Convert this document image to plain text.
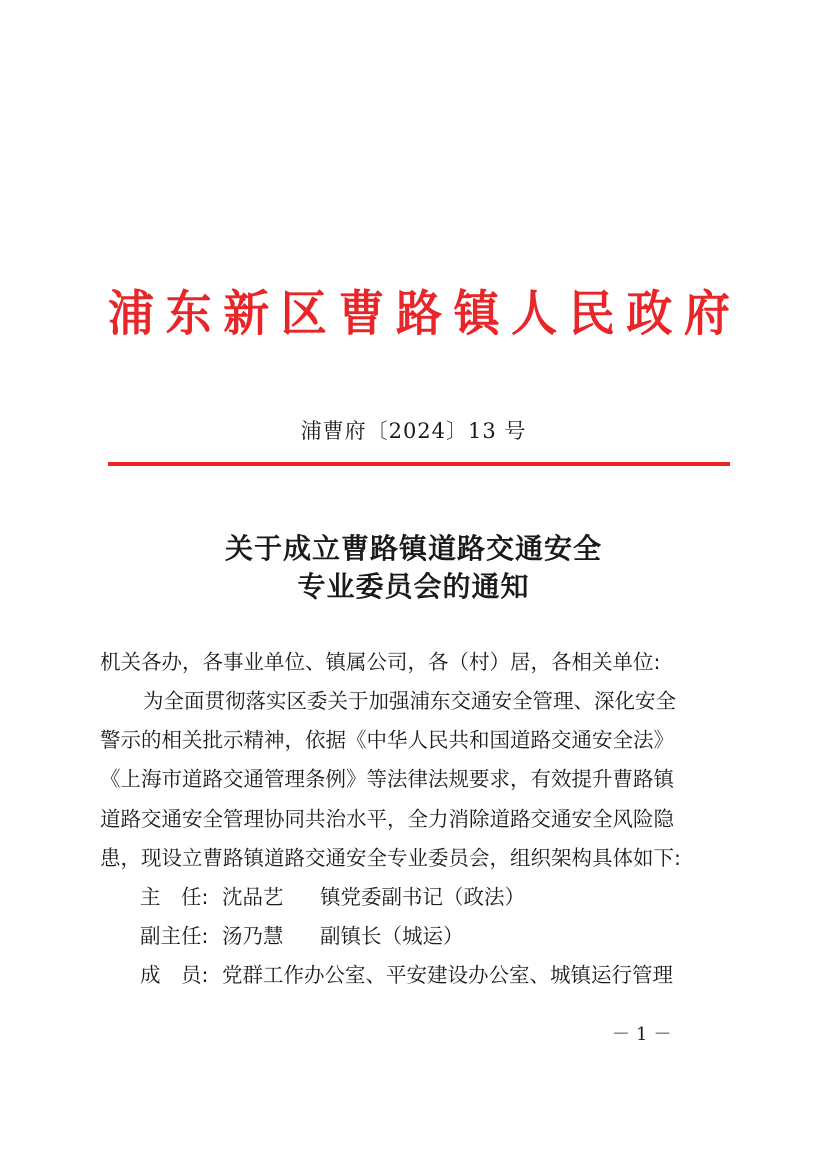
浦 东 新 区 曹 路 镇 人 民 政 府
浦曹府〔2024〕13 号
关于成立曹路镇道路交通安全
专业委员会的通知
机关各办，各事业单位、镇属公司，各（村）居，各相关单位:
为全面贯彻落实区委关于加强浦东交通安全管理、深化安全
警示的相关批示精神，依据《中华人民共和国道路交通安全法》
《上海市道路交通管理条例》等法律法规要求，有效提升曹路镇
道路交通安全管理协同共治水平，全力消除道路交通安全风险隐
患，现设立曹路镇道路交通安全专业委员会，组织架构具体如下:
主　任: 沈品艺 镇党委副书记（政法）
副主任: 汤乃慧 副镇长（城运）
成　员: 党群工作办公室、平安建设办公室、城镇运行管理
－1－
